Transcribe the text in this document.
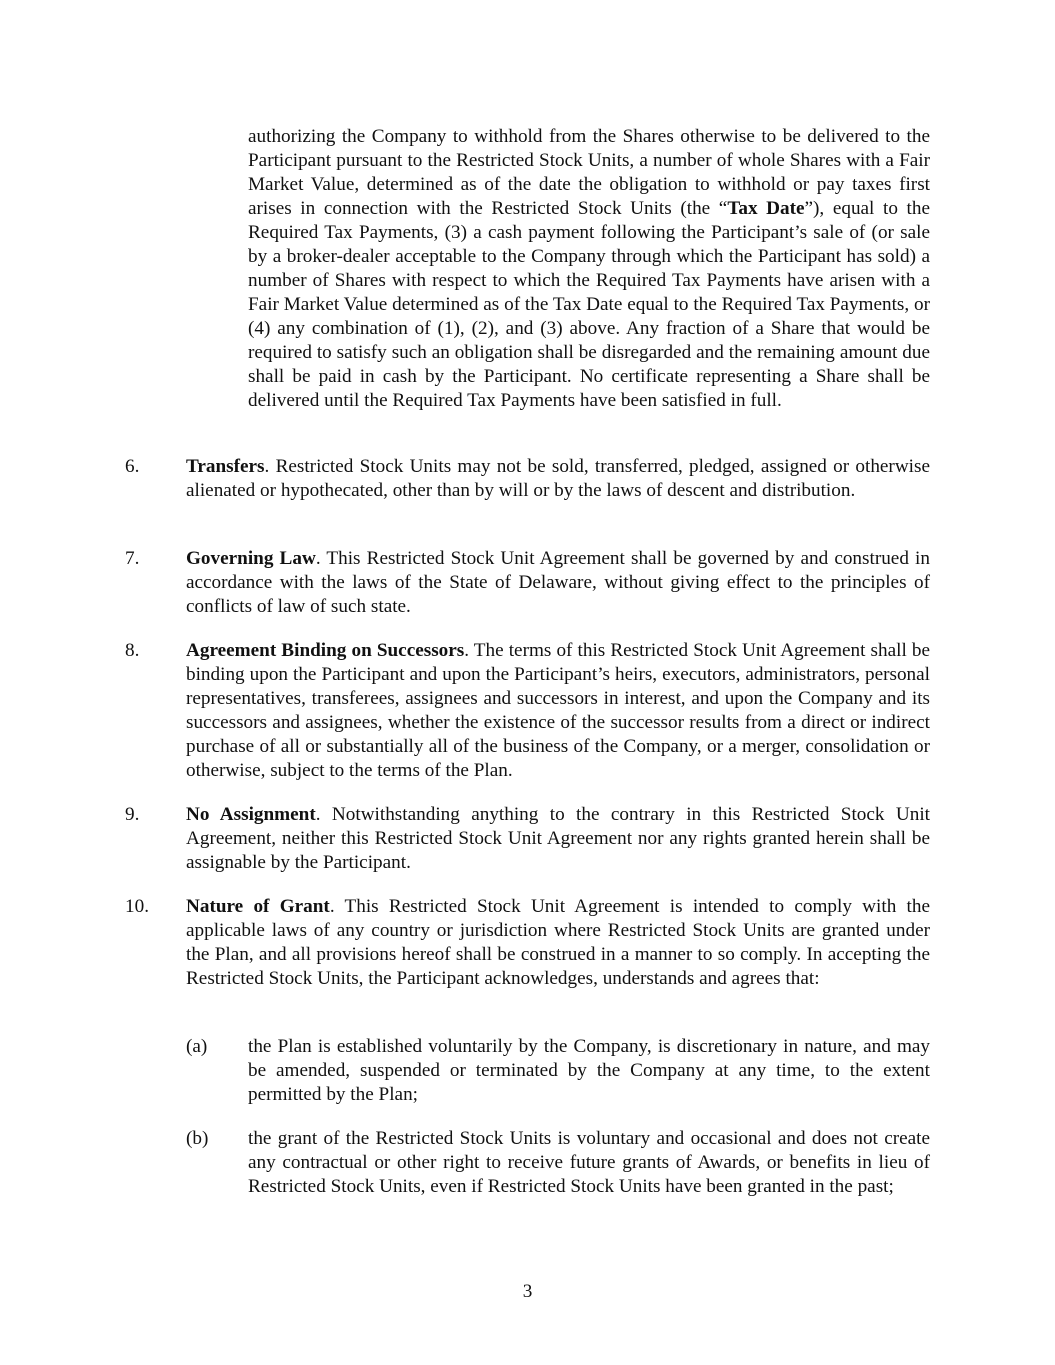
authorizing the Company to withhold from the Shares otherwise to be delivered to the Participant pursuant to the Restricted Stock Units, a number of whole Shares with a Fair Market Value, determined as of the date the obligation to withhold or pay taxes first arises in connection with the Restricted Stock Units (the “Tax Date”), equal to the Required Tax Payments, (3) a cash payment following the Participant’s sale of (or sale by a broker-dealer acceptable to the Company through which the Participant has sold) a number of Shares with respect to which the Required Tax Payments have arisen with a Fair Market Value determined as of the Tax Date equal to the Required Tax Payments, or (4) any combination of (1), (2), and (3) above. Any fraction of a Share that would be required to satisfy such an obligation shall be disregarded and the remaining amount due shall be paid in cash by the Participant. No certificate representing a Share shall be delivered until the Required Tax Payments have been satisfied in full.
6. Transfers. Restricted Stock Units may not be sold, transferred, pledged, assigned or otherwise alienated or hypothecated, other than by will or by the laws of descent and distribution.
7. Governing Law. This Restricted Stock Unit Agreement shall be governed by and construed in accordance with the laws of the State of Delaware, without giving effect to the principles of conflicts of law of such state.
8. Agreement Binding on Successors. The terms of this Restricted Stock Unit Agreement shall be binding upon the Participant and upon the Participant’s heirs, executors, administrators, personal representatives, transferees, assignees and successors in interest, and upon the Company and its successors and assignees, whether the existence of the successor results from a direct or indirect purchase of all or substantially all of the business of the Company, or a merger, consolidation or otherwise, subject to the terms of the Plan.
9. No Assignment. Notwithstanding anything to the contrary in this Restricted Stock Unit Agreement, neither this Restricted Stock Unit Agreement nor any rights granted herein shall be assignable by the Participant.
10. Nature of Grant. This Restricted Stock Unit Agreement is intended to comply with the applicable laws of any country or jurisdiction where Restricted Stock Units are granted under the Plan, and all provisions hereof shall be construed in a manner to so comply. In accepting the Restricted Stock Units, the Participant acknowledges, understands and agrees that:
(a) the Plan is established voluntarily by the Company, is discretionary in nature, and may be amended, suspended or terminated by the Company at any time, to the extent permitted by the Plan;
(b) the grant of the Restricted Stock Units is voluntary and occasional and does not create any contractual or other right to receive future grants of Awards, or benefits in lieu of Restricted Stock Units, even if Restricted Stock Units have been granted in the past;
3
